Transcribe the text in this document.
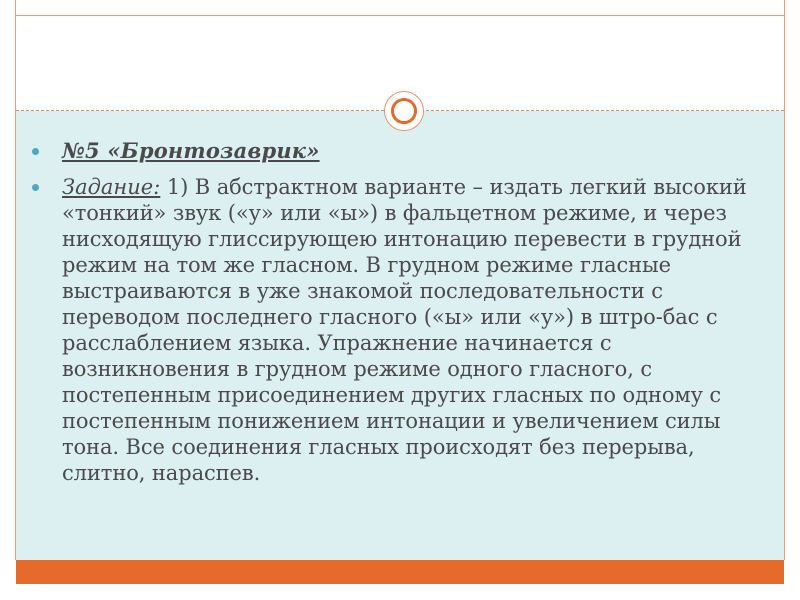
№5 «Бронтозаврик»
Задание: 1) В абстрактном варианте – издать легкий высокий «тонкий» звук («у» или «ы») в фальцетном режиме, и через нисходящую глиссирующею интонацию перевести в грудной режим на том же гласном. В грудном режиме гласные выстраиваются в уже знакомой последовательности с переводом последнего гласного («ы» или «у») в штро-бас с расслаблением языка. Упражнение начинается с возникновения в грудном режиме одного гласного, с постепенным присоединением других гласных по одному с постепенным понижением интонации и увеличением силы тона. Все соединения гласных происходят без перерыва, слитно, нараспев.
